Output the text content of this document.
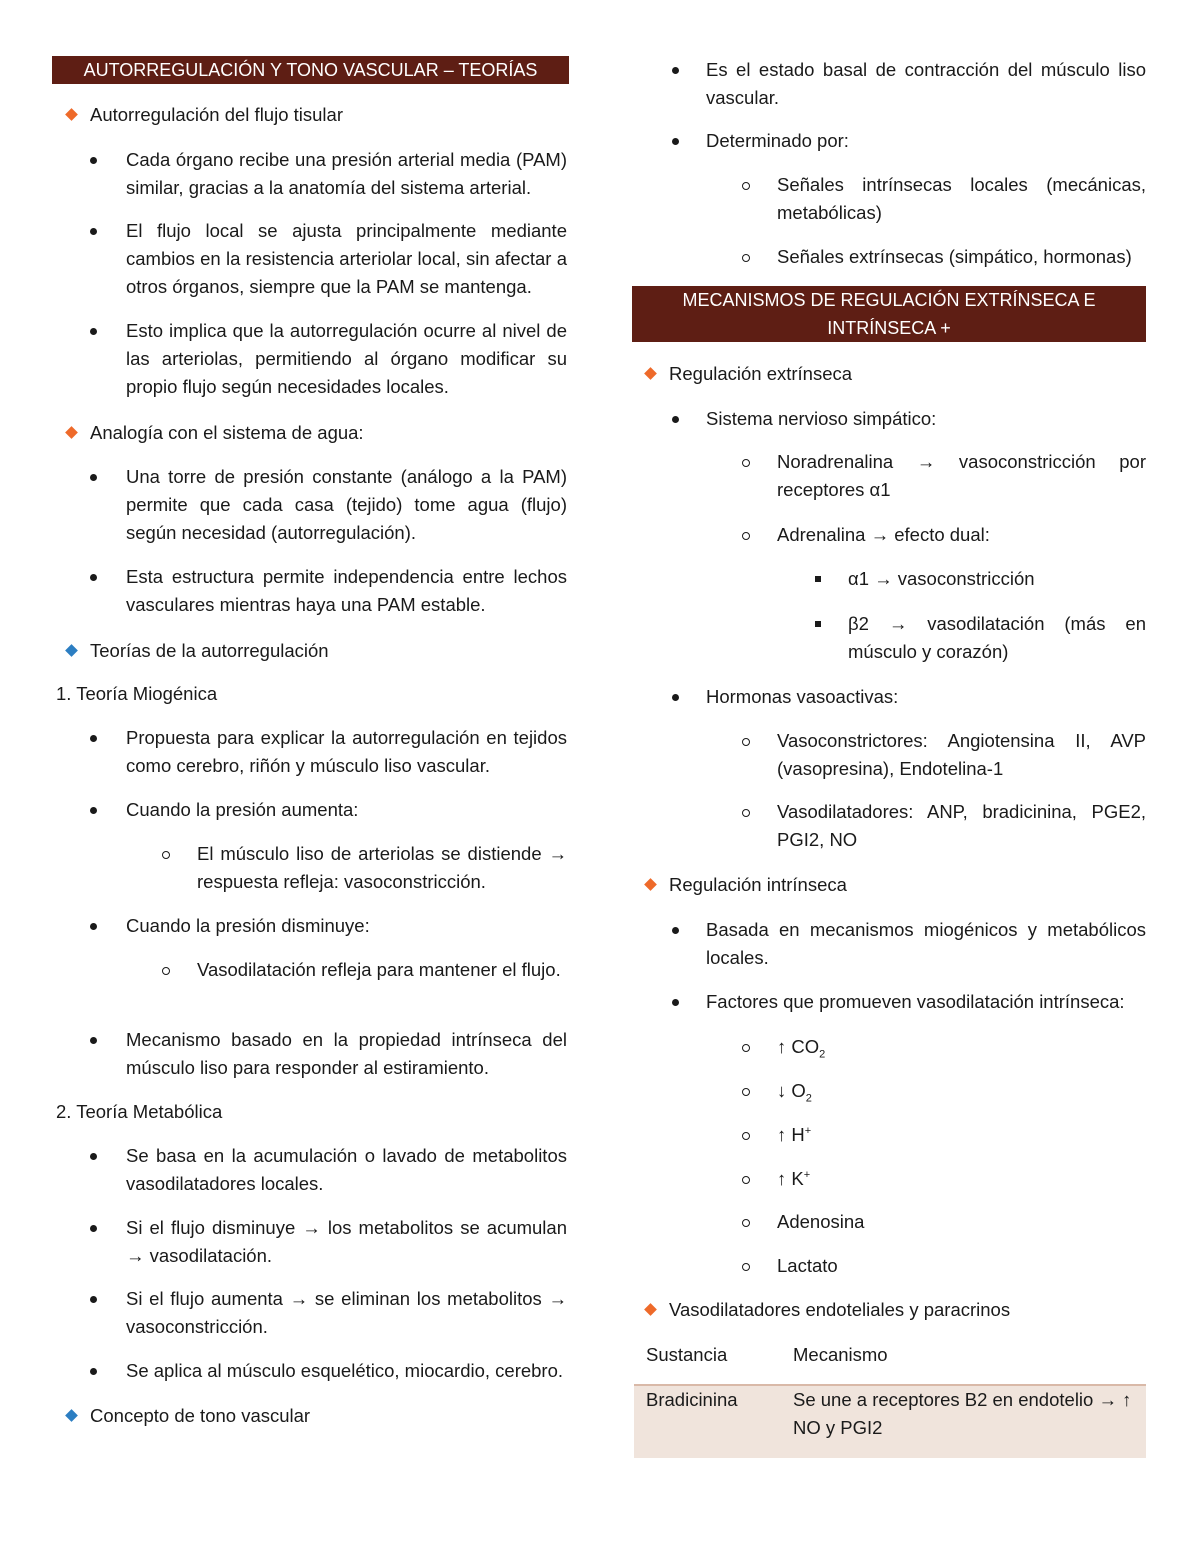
AUTORREGULACIÓN Y TONO VASCULAR – TEORÍAS
Autorregulación del flujo tisular
Cada órgano recibe una presión arterial media (PAM) similar, gracias a la anatomía del sistema arterial.
El flujo local se ajusta principalmente mediante cambios en la resistencia arteriolar local, sin afectar a otros órganos, siempre que la PAM se mantenga.
Esto implica que la autorregulación ocurre al nivel de las arteriolas, permitiendo al órgano modificar su propio flujo según necesidades locales.
Analogía con el sistema de agua:
Una torre de presión constante (análogo a la PAM) permite que cada casa (tejido) tome agua (flujo) según necesidad (autorregulación).
Esta estructura permite independencia entre lechos vasculares mientras haya una PAM estable.
Teorías de la autorregulación
1. Teoría Miogénica
Propuesta para explicar la autorregulación en tejidos como cerebro, riñón y músculo liso vascular.
Cuando la presión aumenta:
El músculo liso de arteriolas se distiende → respuesta refleja: vasoconstricción.
Cuando la presión disminuye:
Vasodilatación refleja para mantener el flujo.
Mecanismo basado en la propiedad intrínseca del músculo liso para responder al estiramiento.
2. Teoría Metabólica
Se basa en la acumulación o lavado de metabolitos vasodilatadores locales.
Si el flujo disminuye → los metabolitos se acumulan → vasodilatación.
Si el flujo aumenta → se eliminan los metabolitos → vasoconstricción.
Se aplica al músculo esquelético, miocardio, cerebro.
Concepto de tono vascular
Es el estado basal de contracción del músculo liso vascular.
Determinado por:
Señales intrínsecas locales (mecánicas, metabólicas)
Señales extrínsecas (simpático, hormonas)
MECANISMOS DE REGULACIÓN EXTRÍNSECA E INTRÍNSECA +
METABOLITOS VASODILATADORES
Regulación extrínseca
Sistema nervioso simpático:
Noradrenalina → vasoconstricción por receptores α1
Adrenalina → efecto dual:
α1 → vasoconstricción
β2 → vasodilatación (más en músculo y corazón)
Hormonas vasoactivas:
Vasoconstrictores: Angiotensina II, AVP (vasopresina), Endotelina-1
Vasodilatadores: ANP, bradicinina, PGE2, PGI2, NO
Regulación intrínseca
Basada en mecanismos miogénicos y metabólicos locales.
Factores que promueven vasodilatación intrínseca:
↑ $CO_2$
↓ $O_2$
↑ H+
↑ K+
Adenosina
Lactato
Vasodilatadores endoteliales y paracrinos
Sustancia	Mecanismo
Bradicinina	Se une a receptores B2 en endotelio → ↑ NO y PGI2
